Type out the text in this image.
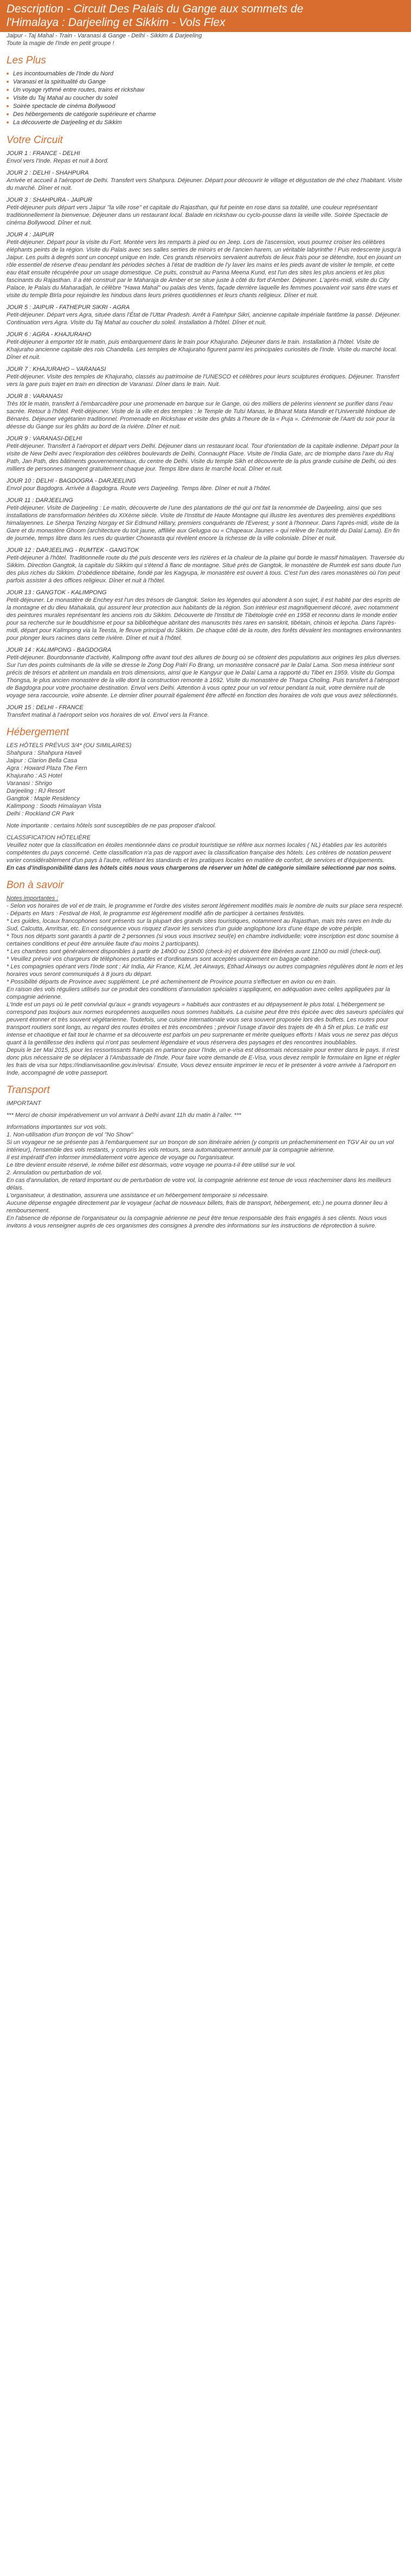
Description - Circuit Des Palais du Gange aux sommets de
l'Himalaya : Darjeeling et Sikkim - Vols Flex
Jaipur - Taj Mahal - Train - Varanasi & Gange - Delhi - Sikkim & Darjeeling
Toute la magie de l'Inde en petit groupe !
Les Plus
■ Les incontournables de l'Inde du Nord
■ Varanasi et la spiritualité du Gange
■ Un voyage rythmé entre routes, trains et rickshaw
■ Visite du Taj Mahal au coucher du soleil
■ Soirée spectacle de cinéma Bollywood
■ Des hébergements de catégorie supérieure et charme
■ La découverte de Darjeeling et du Sikkim
Votre Circuit
JOUR 1 : FRANCE - DELHI

Envol vers l'Inde. Repas et nuit à bord.

JOUR 2 : DELHI - SHAHPURA

Arrivée et accueil à l'aéroport de Delhi. Transfert vers Shahpura. Déjeuner. Départ pour découvrir le village et dégustation de thé chez l'habitant. Visite du marché. Dîner et nuit.

JOUR 3 : SHAHPURA - JAIPUR

Petit-déjeuner puis départ vers Jaipur "la ville rose" et capitale du Rajasthan, qui fut peinte en rose dans sa totalité, une couleur représentant traditionnellement la bienvenue. Déjeuner dans un restaurant local. Balade en rickshaw ou cyclo-pousse dans la vieille ville. Soirée Spectacle de cinéma Bollywood. Dîner et nuit.

JOUR 4 : JAIPUR

Petit-déjeuner. Départ pour la visite du Fort. Montée vers les remparts à pied ou en Jeep. Lors de l'ascension, vous pourrez croiser les célèbres éléphants peints de la région. Visite du Palais avec ses salles serties de miroirs et de l'ancien harem, un véritable labyrinthe ! Puis redescente jusqu'à Jaipur. Les puits à degrés sont un concept unique en Inde. Ces grands réservoirs servaient autrefois de lieux frais pour se détendre, tout en jouant un rôle essentiel de réserve d'eau pendant les périodes sèches à l'état de tradition de l'y laver les mains et les pieds avant de visiter le temple, et cette eau était ensuite récupérée pour un usage domestique. Ce puits, construit au Panna Meena Kund, est l'un des sites les plus anciens et les plus fascinants du Rajasthan. Il a été construit par le Maharaja de Amber et se situe juste à côté du fort d'Amber. Déjeuner. L'après-midi, visite du City Palace, le Palais du Maharadjah, le célèbre "Hawa Mahal" ou palais des Vents, façade derrière laquelle les femmes pouvaient voir sans être vues et visite du temple Birla pour rejoindre les hindous dans leurs prières quotidiennes et leurs chants religieux. Dîner et nuit.

JOUR 5 : JAIPUR - FATHEPUR SIKRI - AGRA

Petit-déjeuner. Départ vers Agra, située dans l'État de l'Uttar Pradesh. Arrêt à Fatehpur Sikri, ancienne capitale impériale fantôme la passé. Déjeuner. Continuation vers Agra. Visite du Taj Mahal au coucher du soleil. Installation à l'hôtel. Dîner et nuit.

JOUR 6 : AGRA - KHAJURAHO

Petit-déjeuner à emporter tôt le matin, puis embarquement dans le train pour Khajuraho. Déjeuner dans le train. Installation à l'hôtel. Visite de Khajuraho ancienne capitale des rois Chandella. Les temples de Khajuraho figurent parmi les principales curiosités de l'Inde. Visite du marché local. Dîner et nuit.

JOUR 7 : KHAJURAHO – VARANASI

Petit-déjeuner. Visite des temples de Khajuraho, classés au patrimoine de l'UNESCO et célèbres pour leurs sculptures érotiques. Déjeuner. Transfert vers la gare puis trajet en train en direction de Varanasi. Dîner dans le train. Nuit.

JOUR 8 : VARANASI

Très tôt le matin, transfert à l'embarcadère pour une promenade en barque sur le Gange, où des milliers de pèlerins viennent se purifier dans l'eau sacrée. Retour à l'hôtel. Petit-déjeuner. Visite de la ville et des temples : le Temple de Tulsi Manas, le Bharat Mata Mandir et l'Université hindoue de Bénarès. Déjeuner végétarien traditionnel. Promenade en Rickshaw et visite des ghâts à l'heure de la « Puja ». Cérémonie de l'Aarti du soir pour la déesse du Gange sur les ghâts au bord de la rivière. Dîner et nuit.

JOUR 9 : VARANASI-DELHI

Petit-déjeuner. Transfert à l'aéroport et départ vers Delhi. Déjeuner dans un restaurant local. Tour d'orientation de la capitale indienne. Départ pour la visite de New Delhi avec l'exploration des célèbres boulevards de Delhi, Connaught Place. Visite de l'India Gate, arc de triomphe dans l'axe du Raj Path, Jan Path, des bâtiments gouvernementaux, du centre de Delhi. Visite du temple Sikh et découverte de la plus grande cuisine de Delhi, où des milliers de personnes mangent gratuitement chaque jour. Temps libre dans le marché local. Dîner et nuit.

JOUR 10 : DELHI - BAGDOGRA - DARJEELING

Envol pour Bagdogra. Arrivée à Bagdogra. Route vers Darjeeling. Temps libre. Dîner et nuit à l'hôtel.

JOUR 11 : DARJEELING

Petit-déjeuner. Visite de Darjeeling : Le matin, découverte de l'une des plantations de thé qui ont fait la renommée de Darjeeling, ainsi que ses installations de transformation héritées du XIXème siècle. Visite de l'Institut de Haute Montagne qui illustre les aventures des premières expéditions himalayennes. Le Sherpa Tenzing Norgay et Sir Edmund Hillary, premiers conquérants de l'Everest, y sont à l'honneur. Dans l'après-midi, visite de la Gare et du monastère Ghoom (architecture du toit jaune, affiliée aux Gelugpa ou « Chapeaux Jaunes » qui relève de l'autorité du Dalaï Lama). En fin de journée, temps libre dans les rues du quartier Chowrasta qui révèlent encore la richesse de la ville coloniale. Dîner et nuit.

JOUR 12 : DARJEELING - RUMTEK - GANGTOK

Petit-déjeuner à l'hôtel. Traditionnelle route du thé puis descente vers les rizières et la chaleur de la plaine qui borde le massif himalayen. Traversée du Sikkim. Direction Gangtok, la capitale du Sikkim qui s'étend à flanc de montagne. Situé près de Gangtok, le monastère de Rumtek est sans doute l'un des plus riches du Sikkim. D'obédience tibétaine, fondé par les Kagyupa, le monastère est ouvert à tous. C'est l'un des rares monastères où l'on peut parfois assister à des offices religieux. Dîner et nuit à l'hôtel.

JOUR 13 : GANGTOK - KALIMPONG

Petit-déjeuner. Le monastère de Enchey est l'un des trésors de Gangtok. Selon les légendes qui abondent à son sujet, il est habité par des esprits de la montagne et du dieu Mahakala, qui assurent leur protection aux habitants de la région. Son intérieur est magnifiquement décoré, avec notamment des peintures murales représentant les anciens rois du Sikkim. Découverte de l'Institut de Tibétologie créé en 1958 et reconnu dans le monde entier pour sa recherche sur le bouddhisme et pour sa bibliothèque abritant des manuscrits très rares en sanskrit, tibétain, chinois et lepcha. Dans l'après-midi, départ pour Kalimpong via la Teesta, le fleuve principal du Sikkim. De chaque côté de la route, des forêts dévalent les montagnes environnantes pour plonger leurs racines dans cette rivière. Dîner et nuit à l'hôtel.

JOUR 14 : KALIMPONG - BAGDOGRA

Petit-déjeuner. Bourdonnante d'activité, Kalimpong offre avant tout des allures de bourg où se côtoient des populations aux origines les plus diverses. Sur l'un des points culminants de la ville se dresse le Zong Dog Palri Fo Brang, un monastère consacré par le Dalaï Lama. Son mesa intérieur sont précis de trésors et abritent un mandala en trois dimensions, ainsi que le Kangyur que le Dalaï Lama a rapporté du Tibet en 1959. Visite du Gompa Thongsa, le plus ancien monastère de la ville dont la construction remonte à 1692. Visite du monastère de Tharpa Choling. Puis transfert à l'aéroport de Bagdogra pour votre prochaine destination. Envol vers Delhi. Attention à vous optez pour un vol retour pendant la nuit, votre dernière nuit de voyage sera raccourcie, voire absente. Le dernier dîner pourrait également être affecté en fonction des horaires de vols que vous avez sélectionnés.

JOUR 15 : DELHI - FRANCE

Transfert matinal à l'aéroport selon vos horaires de vol. Envol vers la France.

Hébergement

LES HÔTELS PRÉVUS 3/4* (OU SIMILAIRES)

Shahpura : Shahpura Haveli

Jaipur : Clarion Bella Casa

Agra : Howard Plaza The Fern

Khajuraho : AS Hotel

Varanasi : Shrigo

Darjeeling : RJ Resort

Gangtok : Maple Residency

Kalimpong : Soods Himalayan Vista

Delhi : Rockland CR Park

Note importante : certains hôtels sont susceptibles de ne pas proposer d'alcool.

CLASSIFICATION HÔTELIÈRE

Veuillez noter que la classification en étoiles mentionnée dans ce produit touristique se réfère aux normes locales ( NL) établies par les autorités compétentes du pays concerné. Cette classification n'a pas de rapport avec la classification française des hôtels. Les critères de notation peuvent varier considérablement d'un pays à l'autre, reflétant les standards et les pratiques locales en matière de confort, de services et d'équipements.

En cas d'indisponibilité dans les hôtels cités nous vous chargerons de réserver un hôtel de catégorie similaire sélectionné par nos soins.

Bon à savoir

Notes importantes :

- Selon vos horaires de vol et de train, le programme et l'ordre des visites seront légèrement modifiés mais le nombre de nuits sur place sera respecté.

- Départs en Mars : Festival de Holi, le programme est légèrement modifié afin de participer à certaines festivités.

* Les guides, locaux francophones sont présents sur la plupart des grands sites touristiques, notamment au Rajasthan, mais très rares en Inde du Sud, Calcutta, Amritsar, etc. En conséquence vous risquez d'avoir les services d'un guide anglophone lors d'une étape de votre périple.

* Tous nos départs sont garantis à partir de 2 personnes (si vous vous inscrivez seul(e) en chambre individuelle; votre inscription est donc soumise à certaines conditions et peut être annulée faute d'au moins 2 participants).

* Les chambres sont généralement disponibles à partir de 14h00 ou 15h00 (check-in) et doivent être libérées avant 11h00 ou midi (check-out).

* Veuillez prévoir vos chargeurs de téléphones portables et d'ordinateurs sont acceptés uniquement en bagage cabine.

* Les compagnies opérant vers l'Inde sont : Air India, Air France, KLM, Jet Airways, Etihad Airways ou autres compagnies régulières dont le nom et les horaires vous seront communiqués à 8 jours du départ.

* Possibilité départs de Province avec supplément. Le pré acheminement de Province pourra s'effectuer en avion ou en train.

En raison des vols réguliers utilisés sur ce produit des conditions d'annulation spéciales s'appliquent, en adéquation avec celles appliquées par la compagnie aérienne.

L'Inde est un pays où le petit convivial qu'aux « grands voyageurs » habitués aux contrastes et au dépaysement le plus total. L'hébergement se correspond pas toujours aux normes européennes auxquelles nous sommes habitués. La cuisine peut être très épicée avec des saveurs spéciales qui peuvent étonner et très souvent végétarienne. Toutefois, une cuisine internationale vous sera souvent proposée lors des buffets. Les routes pour transport routiers sont longs, au regard des routes étroites et très encombrées ; prévoir l'usage d'avoir des trajets de 4h à 5h et plus. Le trafic est intense et chaotique et fait tout le charme et sa découverte est parfois un peu surprenante et mérite quelques efforts ! Mais vous ne serez pas déçus quant à la gentillesse des indiens qui n'ont pas seulement légendaire et vous réservera des paysages et des rencontres inoubliables.

Depuis le 1er Mai 2015, pour les ressortissants français en partance pour l'Inde, un e-visa est désormais nécessaire pour entrer dans le pays. Il n'est donc plus nécessaire de se déplacer à l'Ambassade de l'Inde. Pour faire votre demande de E-Visa, vous devez remplir le formulaire en ligne et régler les frais de visa sur https://indianvisaonline.gov.in/evisa/. Ensuite, Vous devez ensuite imprimer le recu et le présenter à votre arrivée à l'aéroport en Inde, accompagné de votre passeport.

Transport

IMPORTANT

*** Merci de choisir impérativement un vol arrivant à Delhi avant 11h du matin à l'aller. ***

Informations importantes sur vos vols.

1. Non-utilisation d'un tronçon de vol "No Show"

Si un voyageur ne se présente pas à l'embarquement sur un tronçon de son itinéraire aérien (y compris un préacheminement en TGV Air ou un vol intérieur), l'ensemble des vols restants, y compris les vols retours, sera automatiquement annulé par la compagnie aérienne.

Il est impératif d'en informer immédiatement votre agence de voyage ou l'organisateur.

Le titre devient ensuite réservé, le même billet est désormais, votre voyage ne pourra-t-il être utilisé sur le vol.

2. Annulation ou perturbation de vol.

En cas d'annulation, de retard important ou de perturbation de votre vol, la compagnie aérienne est tenue de vous réacheminer dans les meilleurs délais.

L'organisateur, à destination, assurera une assistance et un hébergement temporaire si nécessaire.

Aucune dépense engagée directement par le voyageur (achat de nouveaux billets, frais de transport, hébergement, etc.) ne pourra donner lieu à remboursement.

En l'absence de réponse de l'organisateur ou la compagnie aérienne ne peut être tenue responsable des frais engagés à ses clients. Nous vous invitons à vous renseigner auprès de ces organismes des consignes à prendre des informations sur les instructions de réprotection à suivre.
